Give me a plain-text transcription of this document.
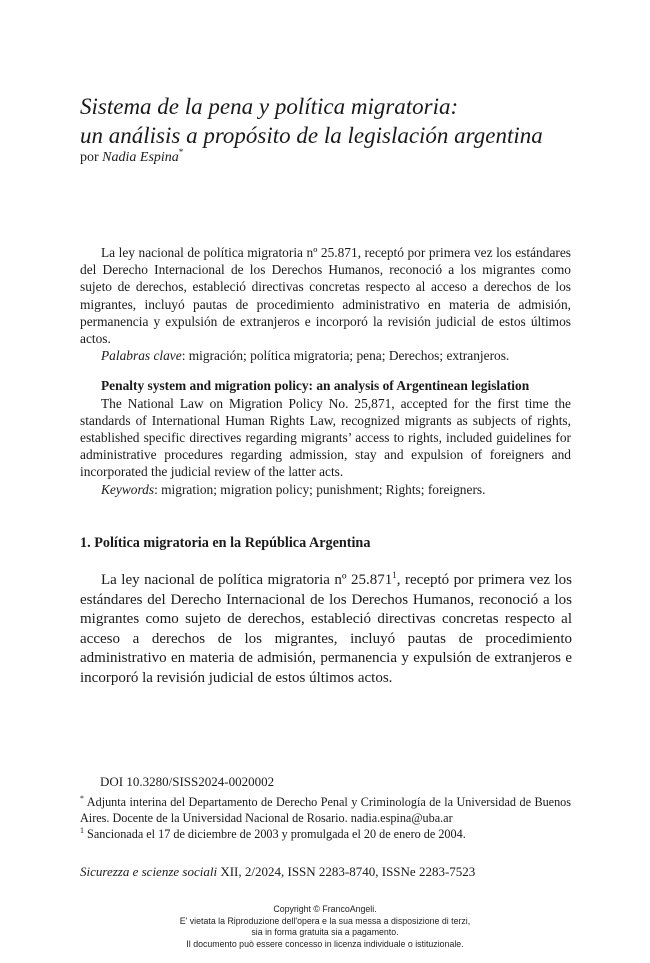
Sistema de la pena y política migratoria:
un análisis a propósito de la legislación argentina
por Nadia Espina*

La ley nacional de política migratoria nº 25.871, receptó por primera vez los estándares del Derecho Internacional de los Derechos Humanos, reconoció a los migrantes como sujeto de derechos, estableció directivas concretas respecto al acceso a derechos de los migrantes, incluyó pautas de procedimiento administrativo en materia de admisión, permanencia y expulsión de extranjeros e incorporó la revisión judicial de estos últimos actos.

Palabras clave: migración; política migratoria; pena; Derechos; extranjeros.

Penalty system and migration policy: an analysis of Argentinean legislation

The National Law on Migration Policy No. 25,871, accepted for the first time the standards of International Human Rights Law, recognized migrants as subjects of rights, established specific directives regarding migrants’ access to rights, included guidelines for administrative procedures regarding admission, stay and expulsion of foreigners and incorporated the judicial review of the latter acts.

Keywords: migration; migration policy; punishment; Rights; foreigners.

1. Política migratoria en la República Argentina

La ley nacional de política migratoria nº 25.871$^1$, receptó por primera vez los estándares del Derecho Internacional de los Derechos Humanos, reconoció a los migrantes como sujeto de derechos, estableció directivas concretas respecto al acceso a derechos de los migrantes, incluyó pautas de procedimiento administrativo en materia de admisión, permanencia y expulsión de extranjeros e incorporó la revisión judicial de estos últimos actos.

DOI 10.3280/SISS2024-0020002

* Adjunta interina del Departamento de Derecho Penal y Criminología de la Universidad de Buenos Aires. Docente de la Universidad Nacional de Rosario. nadia.espina@uba.ar

$^1$ Sancionada el 17 de diciembre de 2003 y promulgada el 20 de enero de 2004.

Sicurezza e scienze sociali XII, 2/2024, ISSN 2283-8740, ISSNe 2283-7523
Copyright © FrancoAngeli.
E' vietata la Riproduzione dell'opera e la sua messa a disposizione di terzi,
sia in forma gratuita sia a pagamento.
Il documento può essere concesso in licenza individuale o istituzionale.
